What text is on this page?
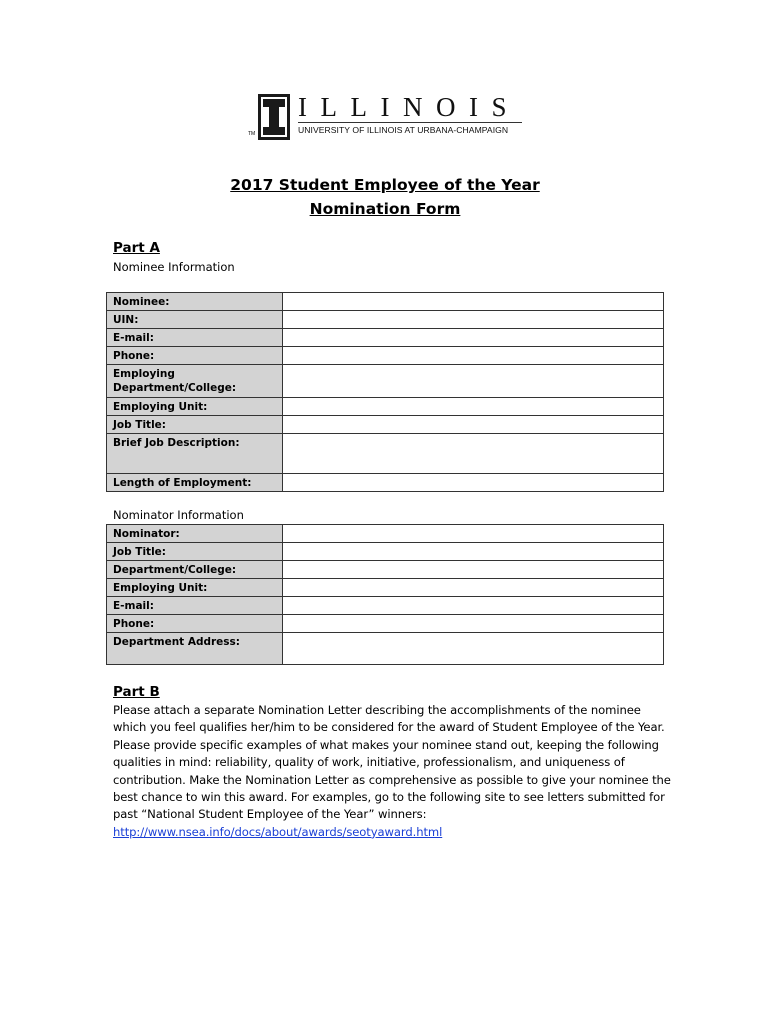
TM
ILLINOIS
UNIVERSITY OF ILLINOIS AT URBANA-CHAMPAIGN
2017 Student Employee of the Year
Nomination Form
Part A
Nominee Information
Nominee:	
UIN:	
E-mail:	
Phone:	
Employing Department/College:	
Employing Unit:	
Job Title:	
Brief Job Description:	
Length of Employment:	
Nominator Information
Nominator:	
Job Title:	
Department/College:	
Employing Unit:	
E-mail:	
Phone:	
Department Address:	
Part B
Please attach a separate Nomination Letter describing the accomplishments of the nominee which you feel qualifies her/him to be considered for the award of Student Employee of the Year. Please provide specific examples of what makes your nominee stand out, keeping the following qualities in mind: reliability, quality of work, initiative, professionalism, and uniqueness of contribution. Make the Nomination Letter as comprehensive as possible to give your nominee the best chance to win this award. For examples, go to the following site to see letters submitted for past “National Student Employee of the Year” winners:
http://www.nsea.info/docs/about/awards/seotyaward.html
